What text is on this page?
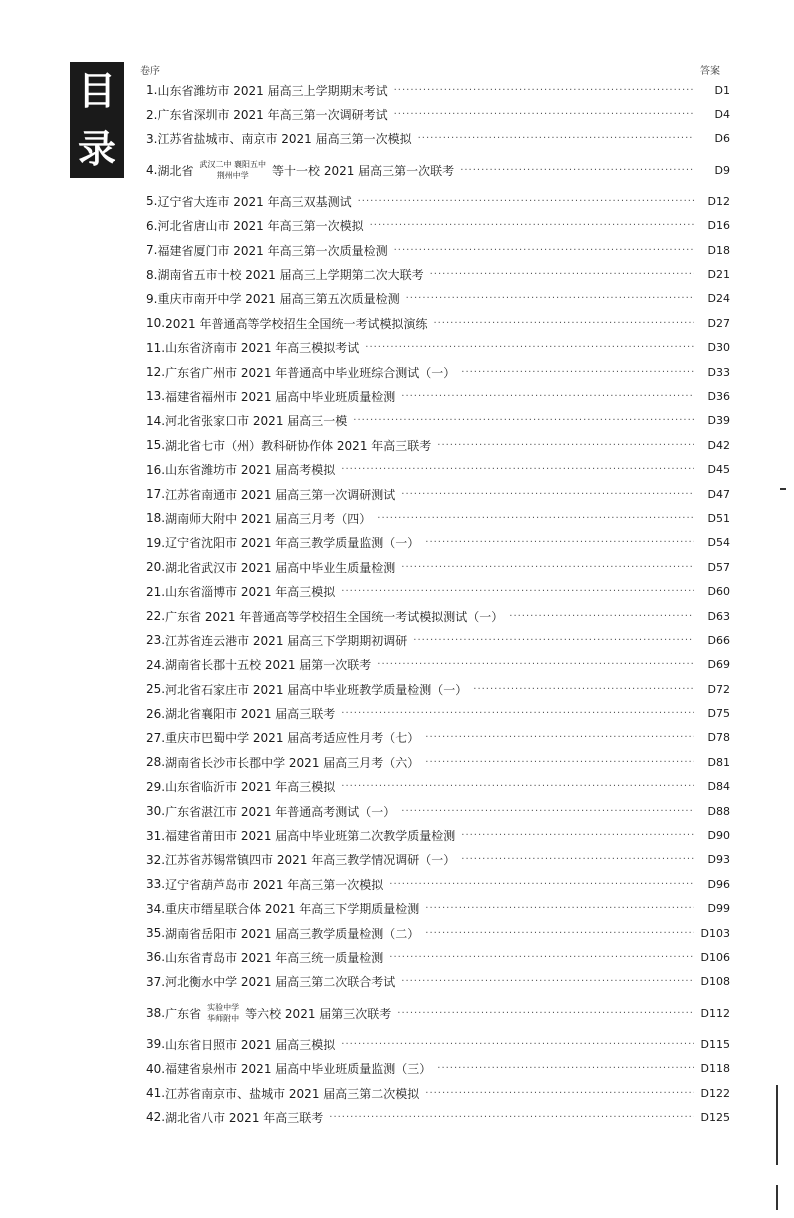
目
录
卷序	答案
1. 山东省潍坊市 2021 届高三上学期期末考试 ·····	D1
2. 广东省深圳市 2021 年高三第一次调研考试 ·····	D4
3. 江苏省盐城市、南京市 2021 届高三第一次模拟 ·····	D6
4. 湖北省 武汉二中 襄阳五中
荆州中学 等十一校 2021 届高三第一次联考 ·····	D9
5. 辽宁省大连市 2021 年高三双基测试 ·····	D12
6. 河北省唐山市 2021 年高三第一次模拟 ·····	D16
7. 福建省厦门市 2021 年高三第一次质量检测 ·····	D18
8. 湖南省五市十校 2021 届高三上学期第二次大联考 ·····	D21
9. 重庆市南开中学 2021 届高三第五次质量检测 ·····	D24
10. 2021 年普通高等学校招生全国统一考试模拟演练 ·····	D27
11. 山东省济南市 2021 年高三模拟考试 ·····	D30
12. 广东省广州市 2021 年普通高中毕业班综合测试（一） ·····	D33
13. 福建省福州市 2021 届高中毕业班质量检测 ·····	D36
14. 河北省张家口市 2021 届高三一模 ·····	D39
15. 湖北省七市（州）教科研协作体 2021 年高三联考 ·····	D42
16. 山东省潍坊市 2021 届高考模拟 ·····	D45
17. 江苏省南通市 2021 届高三第一次调研测试 ·····	D47
18. 湖南师大附中 2021 届高三月考（四） ·····	D51
19. 辽宁省沈阳市 2021 年高三教学质量监测（一） ·····	D54
20. 湖北省武汉市 2021 届高中毕业生质量检测 ·····	D57
21. 山东省淄博市 2021 年高三模拟 ·····	D60
22. 广东省 2021 年普通高等学校招生全国统一考试模拟测试（一） ·····	D63
23. 江苏省连云港市 2021 届高三下学期期初调研 ·····	D66
24. 湖南省长郡十五校 2021 届第一次联考 ·····	D69
25. 河北省石家庄市 2021 届高中毕业班教学质量检测（一） ·····	D72
26. 湖北省襄阳市 2021 届高三联考 ·····	D75
27. 重庆市巴蜀中学 2021 届高考适应性月考（七） ·····	D78
28. 湖南省长沙市长郡中学 2021 届高三月考（六） ·····	D81
29. 山东省临沂市 2021 年高三模拟 ·····	D84
30. 广东省湛江市 2021 年普通高考测试（一） ·····	D88
31. 福建省莆田市 2021 届高中毕业班第二次教学质量检测 ·····	D90
32. 江苏省苏锡常镇四市 2021 年高三教学情况调研（一） ·····	D93
33. 辽宁省葫芦岛市 2021 年高三第一次模拟 ·····	D96
34. 重庆市缙星联合体 2021 年高三下学期质量检测 ·····	D99
35. 湖南省岳阳市 2021 届高三教学质量检测（二） ·····	D103
36. 山东省青岛市 2021 年高三统一质量检测 ·····	D106
37. 河北衡水中学 2021 届高三第二次联合考试 ·····	D108
38. 广东省 实验中学
华师附中 等六校 2021 届第三次联考 ·····	D112
39. 山东省日照市 2021 届高三模拟 ·····	D115
40. 福建省泉州市 2021 届高中毕业班质量监测（三） ·····	D118
41. 江苏省南京市、盐城市 2021 届高三第二次模拟 ·····	D122
42. 湖北省八市 2021 年高三联考 ·····	D125
